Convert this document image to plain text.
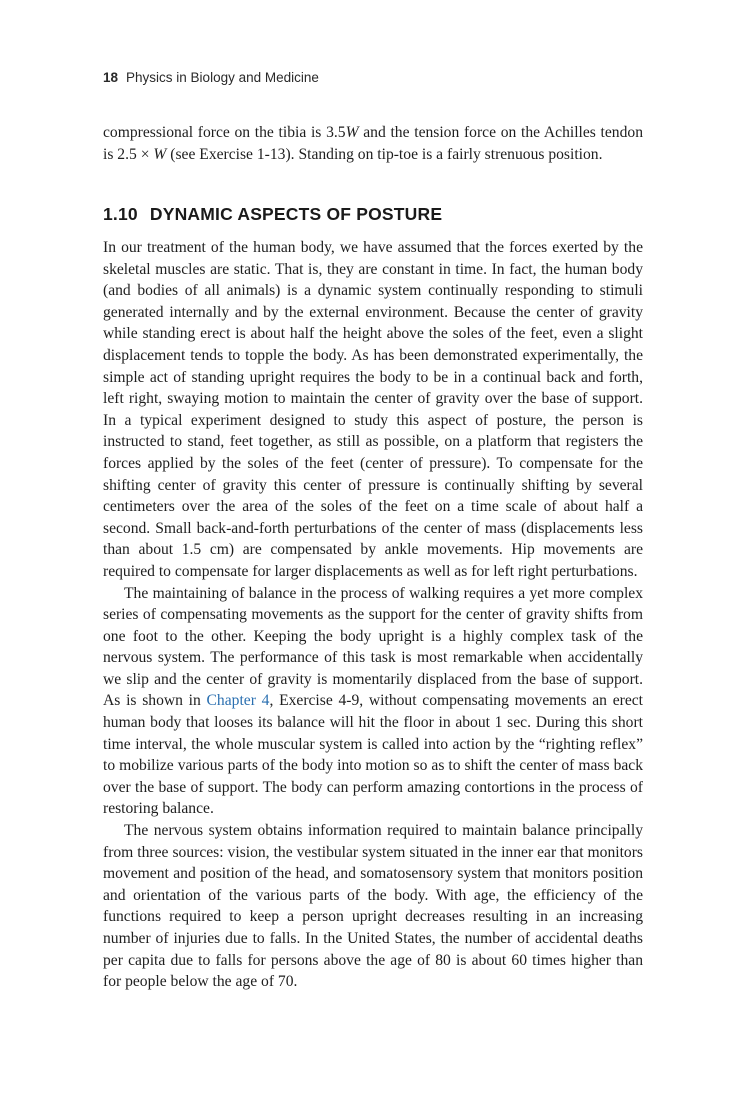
18 Physics in Biology and Medicine

compressional force on the tibia is 3.5W and the tension force on the Achilles tendon is 2.5 × W (see Exercise 1-13). Standing on tip-toe is a fairly strenuous position.

1.10 DYNAMIC ASPECTS OF POSTURE

In our treatment of the human body, we have assumed that the forces exerted by the skeletal muscles are static. That is, they are constant in time. In fact, the human body (and bodies of all animals) is a dynamic system continually responding to stimuli generated internally and by the external environment. Because the center of gravity while standing erect is about half the height above the soles of the feet, even a slight displacement tends to topple the body. As has been demonstrated experimentally, the simple act of standing upright requires the body to be in a continual back and forth, left right, swaying motion to maintain the center of gravity over the base of support. In a typical experiment designed to study this aspect of posture, the person is instructed to stand, feet together, as still as possible, on a platform that registers the forces applied by the soles of the feet (center of pressure). To compensate for the shifting center of gravity this center of pressure is continually shifting by several centimeters over the area of the soles of the feet on a time scale of about half a second. Small back-and-forth perturbations of the center of mass (displacements less than about 1.5 cm) are compensated by ankle movements. Hip movements are required to compensate for larger displacements as well as for left right perturbations.

The maintaining of balance in the process of walking requires a yet more complex series of compensating movements as the support for the center of gravity shifts from one foot to the other. Keeping the body upright is a highly complex task of the nervous system. The performance of this task is most remarkable when accidentally we slip and the center of gravity is momentarily displaced from the base of support. As is shown in Chapter 4, Exercise 4-9, without compensating movements an erect human body that looses its balance will hit the floor in about 1 sec. During this short time interval, the whole muscular system is called into action by the “righting reflex” to mobilize various parts of the body into motion so as to shift the center of mass back over the base of support. The body can perform amazing contortions in the process of restoring balance.

The nervous system obtains information required to maintain balance principally from three sources: vision, the vestibular system situated in the inner ear that monitors movement and position of the head, and somatosensory system that monitors position and orientation of the various parts of the body. With age, the efficiency of the functions required to keep a person upright decreases resulting in an increasing number of injuries due to falls. In the United States, the number of accidental deaths per capita due to falls for persons above the age of 80 is about 60 times higher than for people below the age of 70.
